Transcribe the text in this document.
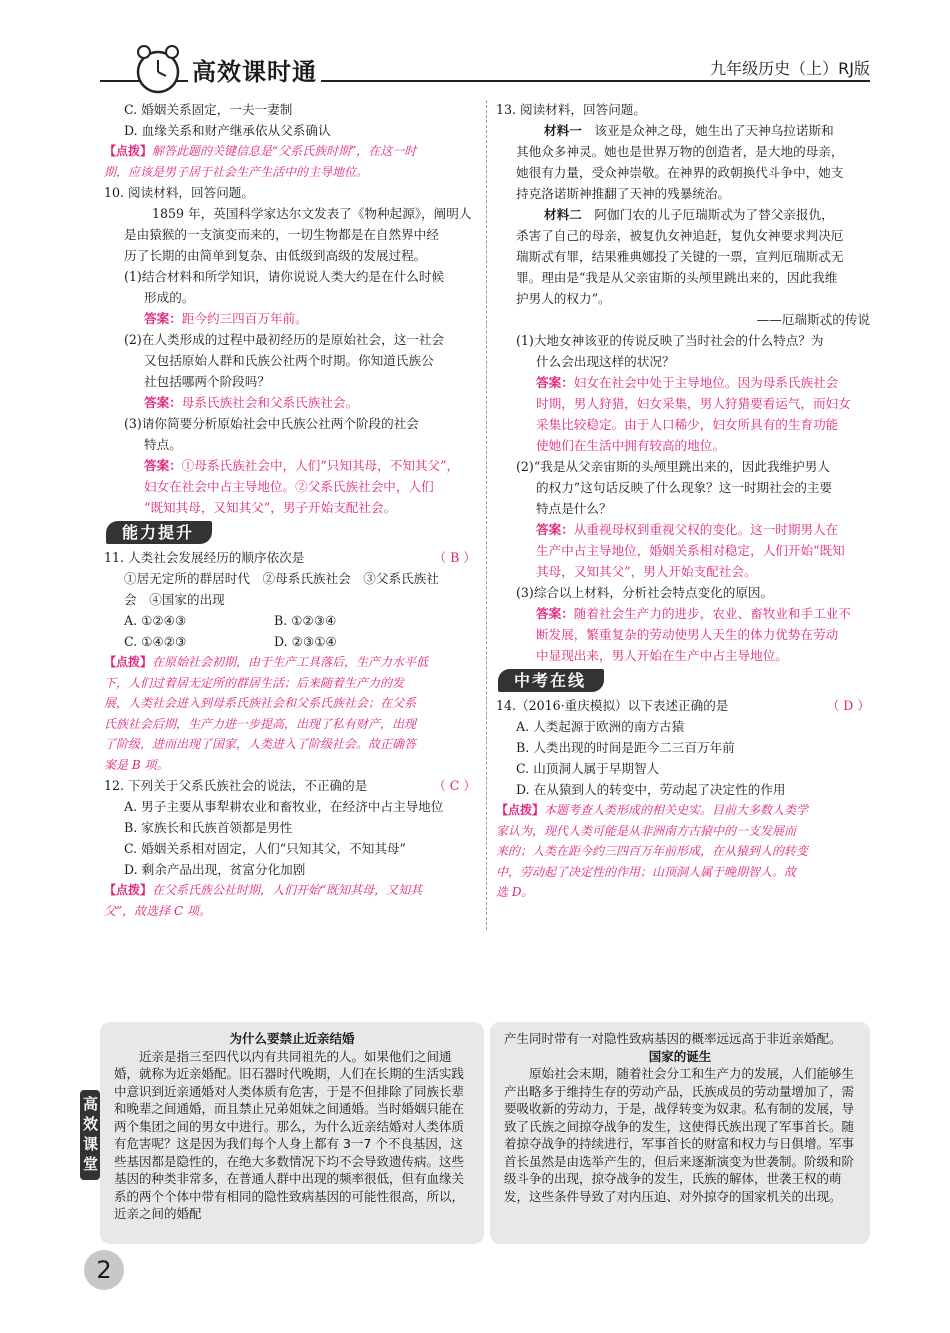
高效课时通	九年级历史（上）RJ版

C. 婚姻关系固定，一夫一妻制

D. 血缘关系和财产继承依从父系确认

【点拨】解答此题的关键信息是“父系氏族时期”，在这一时

期，应该是男子居于社会生产生活中的主导地位。

10. 阅读材料，回答问题。

1859 年，英国科学家达尔文发表了《物种起源》，阐明人

是由猿猴的一支演变而来的，一切生物都是在自然界中经

历了长期的由简单到复杂、由低级到高级的发展过程。

(1)结合材料和所学知识，请你说说人类大约是在什么时候

形成的。

答案：距今约三四百万年前。

(2)在人类形成的过程中最初经历的是原始社会，这一社会

又包括原始人群和氏族公社两个时期。你知道氏族公

社包括哪两个阶段吗？

答案：母系氏族社会和父系氏族社会。

(3)请你简要分析原始社会中氏族公社两个阶段的社会

特点。

答案：①母系氏族社会中，人们“只知其母，不知其父”，

妇女在社会中占主导地位。②父系氏族社会中，人们

“既知其母，又知其父”，男子开始支配社会。

能力提升

11. 人类社会发展经历的顺序依次是	（ B ）

①居无定所的群居时代　②母系氏族社会　③父系氏族社

会　④国家的出现

A. ①②④③	B. ①②③④
C. ①④②③	D. ②③①④

【点拨】在原始社会初期，由于生产工具落后，生产力水平低

下，人们过着居无定所的群居生活；后来随着生产力的发

展，人类社会进入到母系氏族社会和父系氏族社会；在父系

氏族社会后期，生产力进一步提高，出现了私有财产，出现

了阶级，进而出现了国家，人类进入了阶级社会。故正确答

案是 B 项。

12. 下列关于父系氏族社会的说法，不正确的是	（ C ）

A. 男子主要从事犁耕农业和畜牧业，在经济中占主导地位

B. 家族长和氏族首领都是男性

C. 婚姻关系相对固定，人们“只知其父，不知其母”

D. 剩余产品出现，贫富分化加剧

【点拨】在父系氏族公社时期，人们开始“既知其母，又知其

父”，故选择 C 项。

13. 阅读材料，回答问题。

材料一　 该亚是众神之母，她生出了天神乌拉诺斯和

其他众多神灵。她也是世界万物的创造者，是大地的母亲，

她很有力量，受众神崇敬。在神界的政朝换代斗争中，她支

持克洛诺斯神推翻了天神的残暴统治。

材料二　 阿伽门农的儿子厄瑞斯忒为了替父亲报仇，

杀害了自己的母亲，被复仇女神追赶，复仇女神要求判决厄

瑞斯忒有罪，结果雅典娜投了关键的一票，宣判厄瑞斯忒无

罪。理由是“我是从父亲宙斯的头颅里跳出来的，因此我维

护男人的权力”。

——厄瑞斯忒的传说

(1)大地女神该亚的传说反映了当时社会的什么特点？为

什么会出现这样的状况？

答案：妇女在社会中处于主导地位。因为母系氏族社会

时期，男人狩猎，妇女采集，男人狩猎要看运气，而妇女

采集比较稳定。由于人口稀少，妇女所具有的生育功能

使她们在生活中拥有较高的地位。

(2)“我是从父亲宙斯的头颅里跳出来的，因此我维护男人

的权力”这句话反映了什么现象？这一时期社会的主要

特点是什么？

答案：从重视母权到重视父权的变化。这一时期男人在

生产中占主导地位，婚姻关系相对稳定，人们开始“既知

其母，又知其父”，男人开始支配社会。

(3)综合以上材料，分析社会特点变化的原因。

答案：随着社会生产力的进步，农业、畜牧业和手工业不

断发展，繁重复杂的劳动使男人天生的体力优势在劳动

中显现出来，男人开始在生产中占主导地位。

中考在线

14.（2016·重庆模拟）以下表述正确的是	（ D ）

A. 人类起源于欧洲的南方古猿

B. 人类出现的时间是距今二三百万年前

C. 山顶洞人属于早期智人

D. 在从猿到人的转变中，劳动起了决定性的作用

【点拨】本题考查人类形成的相关史实。目前大多数人类学

家认为，现代人类可能是从非洲南方古猿中的一支发展而

来的；人类在距今约三四百万年前形成，在从猿到人的转变

中，劳动起了决定性的作用；山顶洞人属于晚期智人。故

选 D。

高效课堂
为什么要禁止近亲结婚

近亲是指三至四代以内有共同祖先的人。如果他们之间通婚，就称为近亲婚配。旧石器时代晚期，人们在长期的生活实践中意识到近亲通婚对人类体质有危害，于是不但排除了同族长辈和晚辈之间通婚，而且禁止兄弟姐妹之间通婚。当时婚姻只能在两个集团之间的男女中进行。那么，为什么近亲结婚对人类体质有危害呢？这是因为我们每个人身上都有 3一7 个不良基因，这些基因都是隐性的，在绝大多数情况下均不会导致遗传病。这些基因的种类非常多，在普通人群中出现的频率很低，但有血缘关系的两个个体中带有相同的隐性致病基因的可能性很高，所以，近亲之间的婚配

产生同时带有一对隐性致病基因的概率远远高于非近亲婚配。

国家的诞生

原始社会末期，随着社会分工和生产力的发展，人们能够生产出略多于维持生存的劳动产品，氏族成员的劳动量增加了，需要吸收新的劳动力，于是，战俘转变为奴隶。私有制的发展，导致了氏族之间掠夺战争的发生，这使得氏族出现了军事首长。随着掠夺战争的持续进行，军事首长的财富和权力与日俱增。军事首长虽然是由选举产生的，但后来逐渐演变为世袭制。阶级和阶级斗争的出现，掠夺战争的发生，氏族的解体，世袭王权的萌发，这些条件导致了对内压迫、对外掠夺的国家机关的出现。

2
